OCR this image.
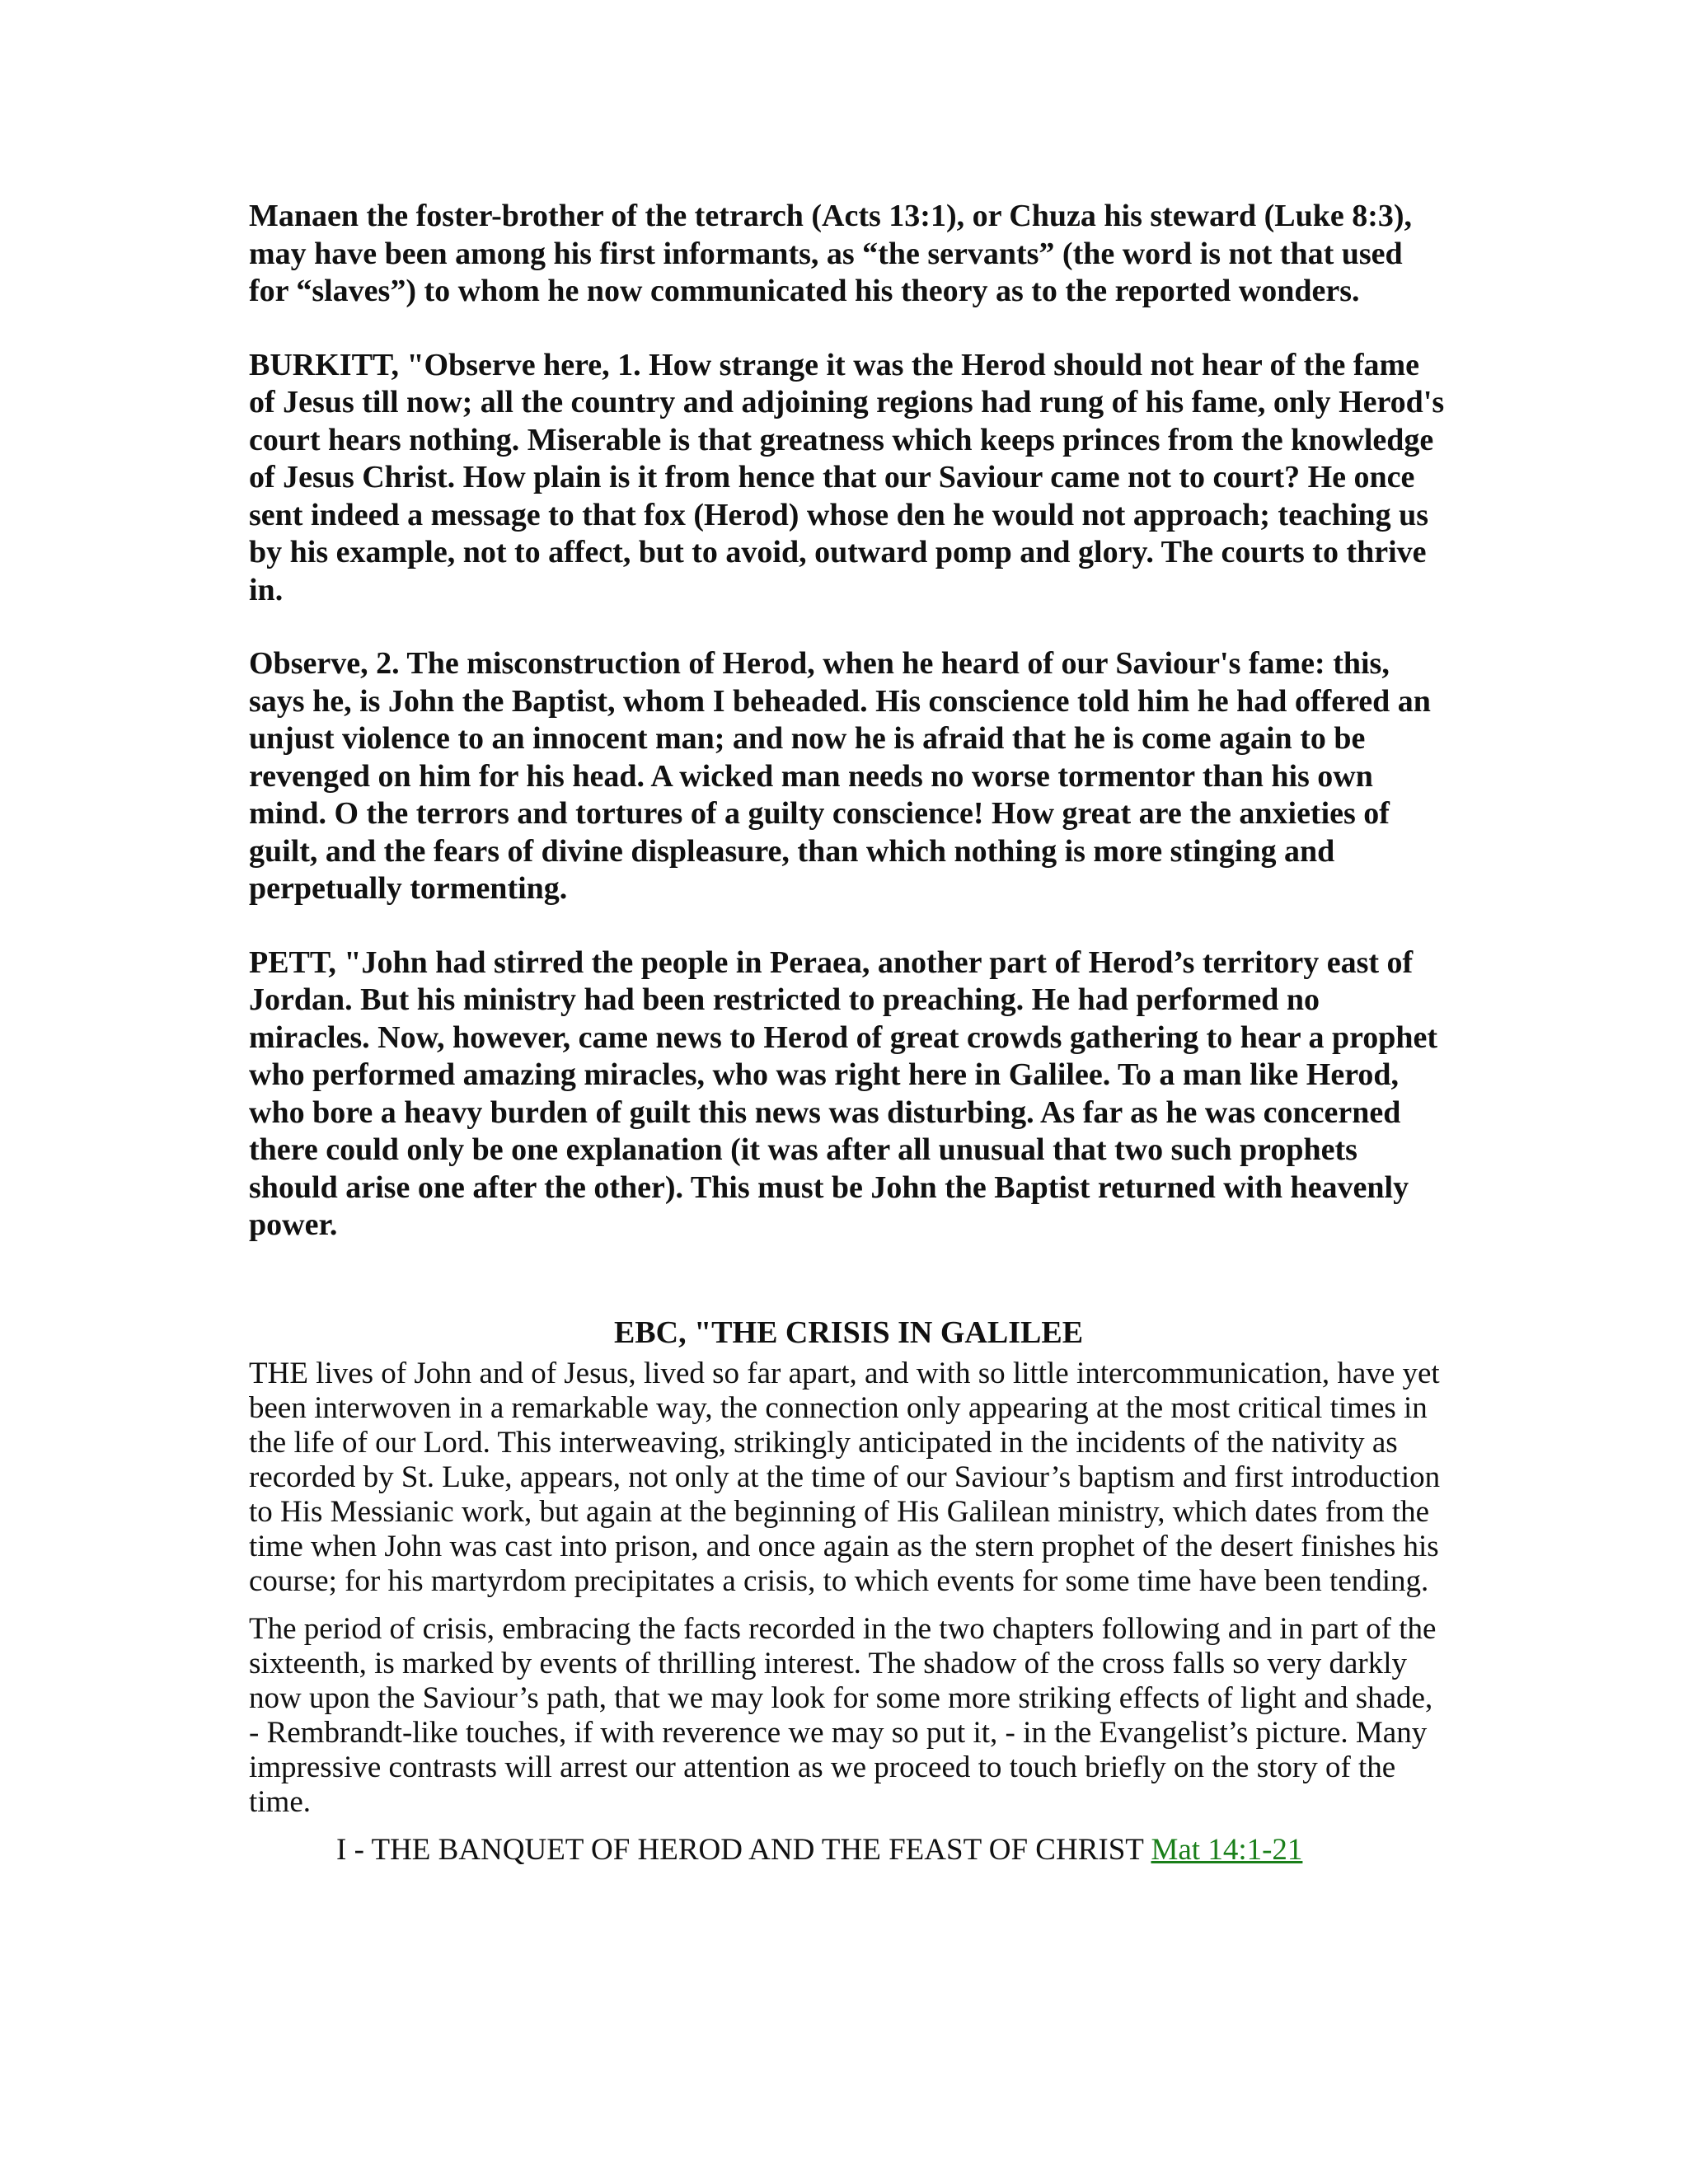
Manaen the foster-brother of the tetrarch (Acts 13:1), or Chuza his steward (Luke 8:3), may have been among his first informants, as “the servants” (the word is not that used for “slaves”) to whom he now communicated his theory as to the reported wonders.

BURKITT, "Observe here, 1. How strange it was the Herod should not hear of the fame of Jesus till now; all the country and adjoining regions had rung of his fame, only Herod's court hears nothing. Miserable is that greatness which keeps princes from the knowledge of Jesus Christ. How plain is it from hence that our Saviour came not to court? He once sent indeed a message to that fox (Herod) whose den he would not approach; teaching us by his example, not to affect, but to avoid, outward pomp and glory. The courts to thrive in.

Observe, 2. The misconstruction of Herod, when he heard of our Saviour's fame: this, says he, is John the Baptist, whom I beheaded. His conscience told him he had offered an unjust violence to an innocent man; and now he is afraid that he is come again to be revenged on him for his head. A wicked man needs no worse tormentor than his own mind. O the terrors and tortures of a guilty conscience! How great are the anxieties of guilt, and the fears of divine displeasure, than which nothing is more stinging and perpetually tormenting.

PETT, "John had stirred the people in Peraea, another part of Herod’s territory east of Jordan. But his ministry had been restricted to preaching. He had performed no miracles. Now, however, came news to Herod of great crowds gathering to hear a prophet who performed amazing miracles, who was right here in Galilee. To a man like Herod, who bore a heavy burden of guilt this news was disturbing. As far as he was concerned there could only be one explanation (it was after all unusual that two such prophets should arise one after the other). This must be John the Baptist returned with heavenly power.

EBC, "THE CRISIS IN GALILEE

THE lives of John and of Jesus, lived so far apart, and with so little intercommunication, have yet been interwoven in a remarkable way, the connection only appearing at the most critical times in the life of our Lord. This interweaving, strikingly anticipated in the incidents of the nativity as recorded by St. Luke, appears, not only at the time of our Saviour’s baptism and first introduction to His Messianic work, but again at the beginning of His Galilean ministry, which dates from the time when John was cast into prison, and once again as the stern prophet of the desert finishes his course; for his martyrdom precipitates a crisis, to which events for some time have been tending.

The period of crisis, embracing the facts recorded in the two chapters following and in part of the sixteenth, is marked by events of thrilling interest. The shadow of the cross falls so very darkly now upon the Saviour’s path, that we may look for some more striking effects of light and shade, - Rembrandt-like touches, if with reverence we may so put it, - in the Evangelist’s picture. Many impressive contrasts will arrest our attention as we proceed to touch briefly on the story of the time.

I - THE BANQUET OF HEROD AND THE FEAST OF CHRIST Mat 14:1-21
